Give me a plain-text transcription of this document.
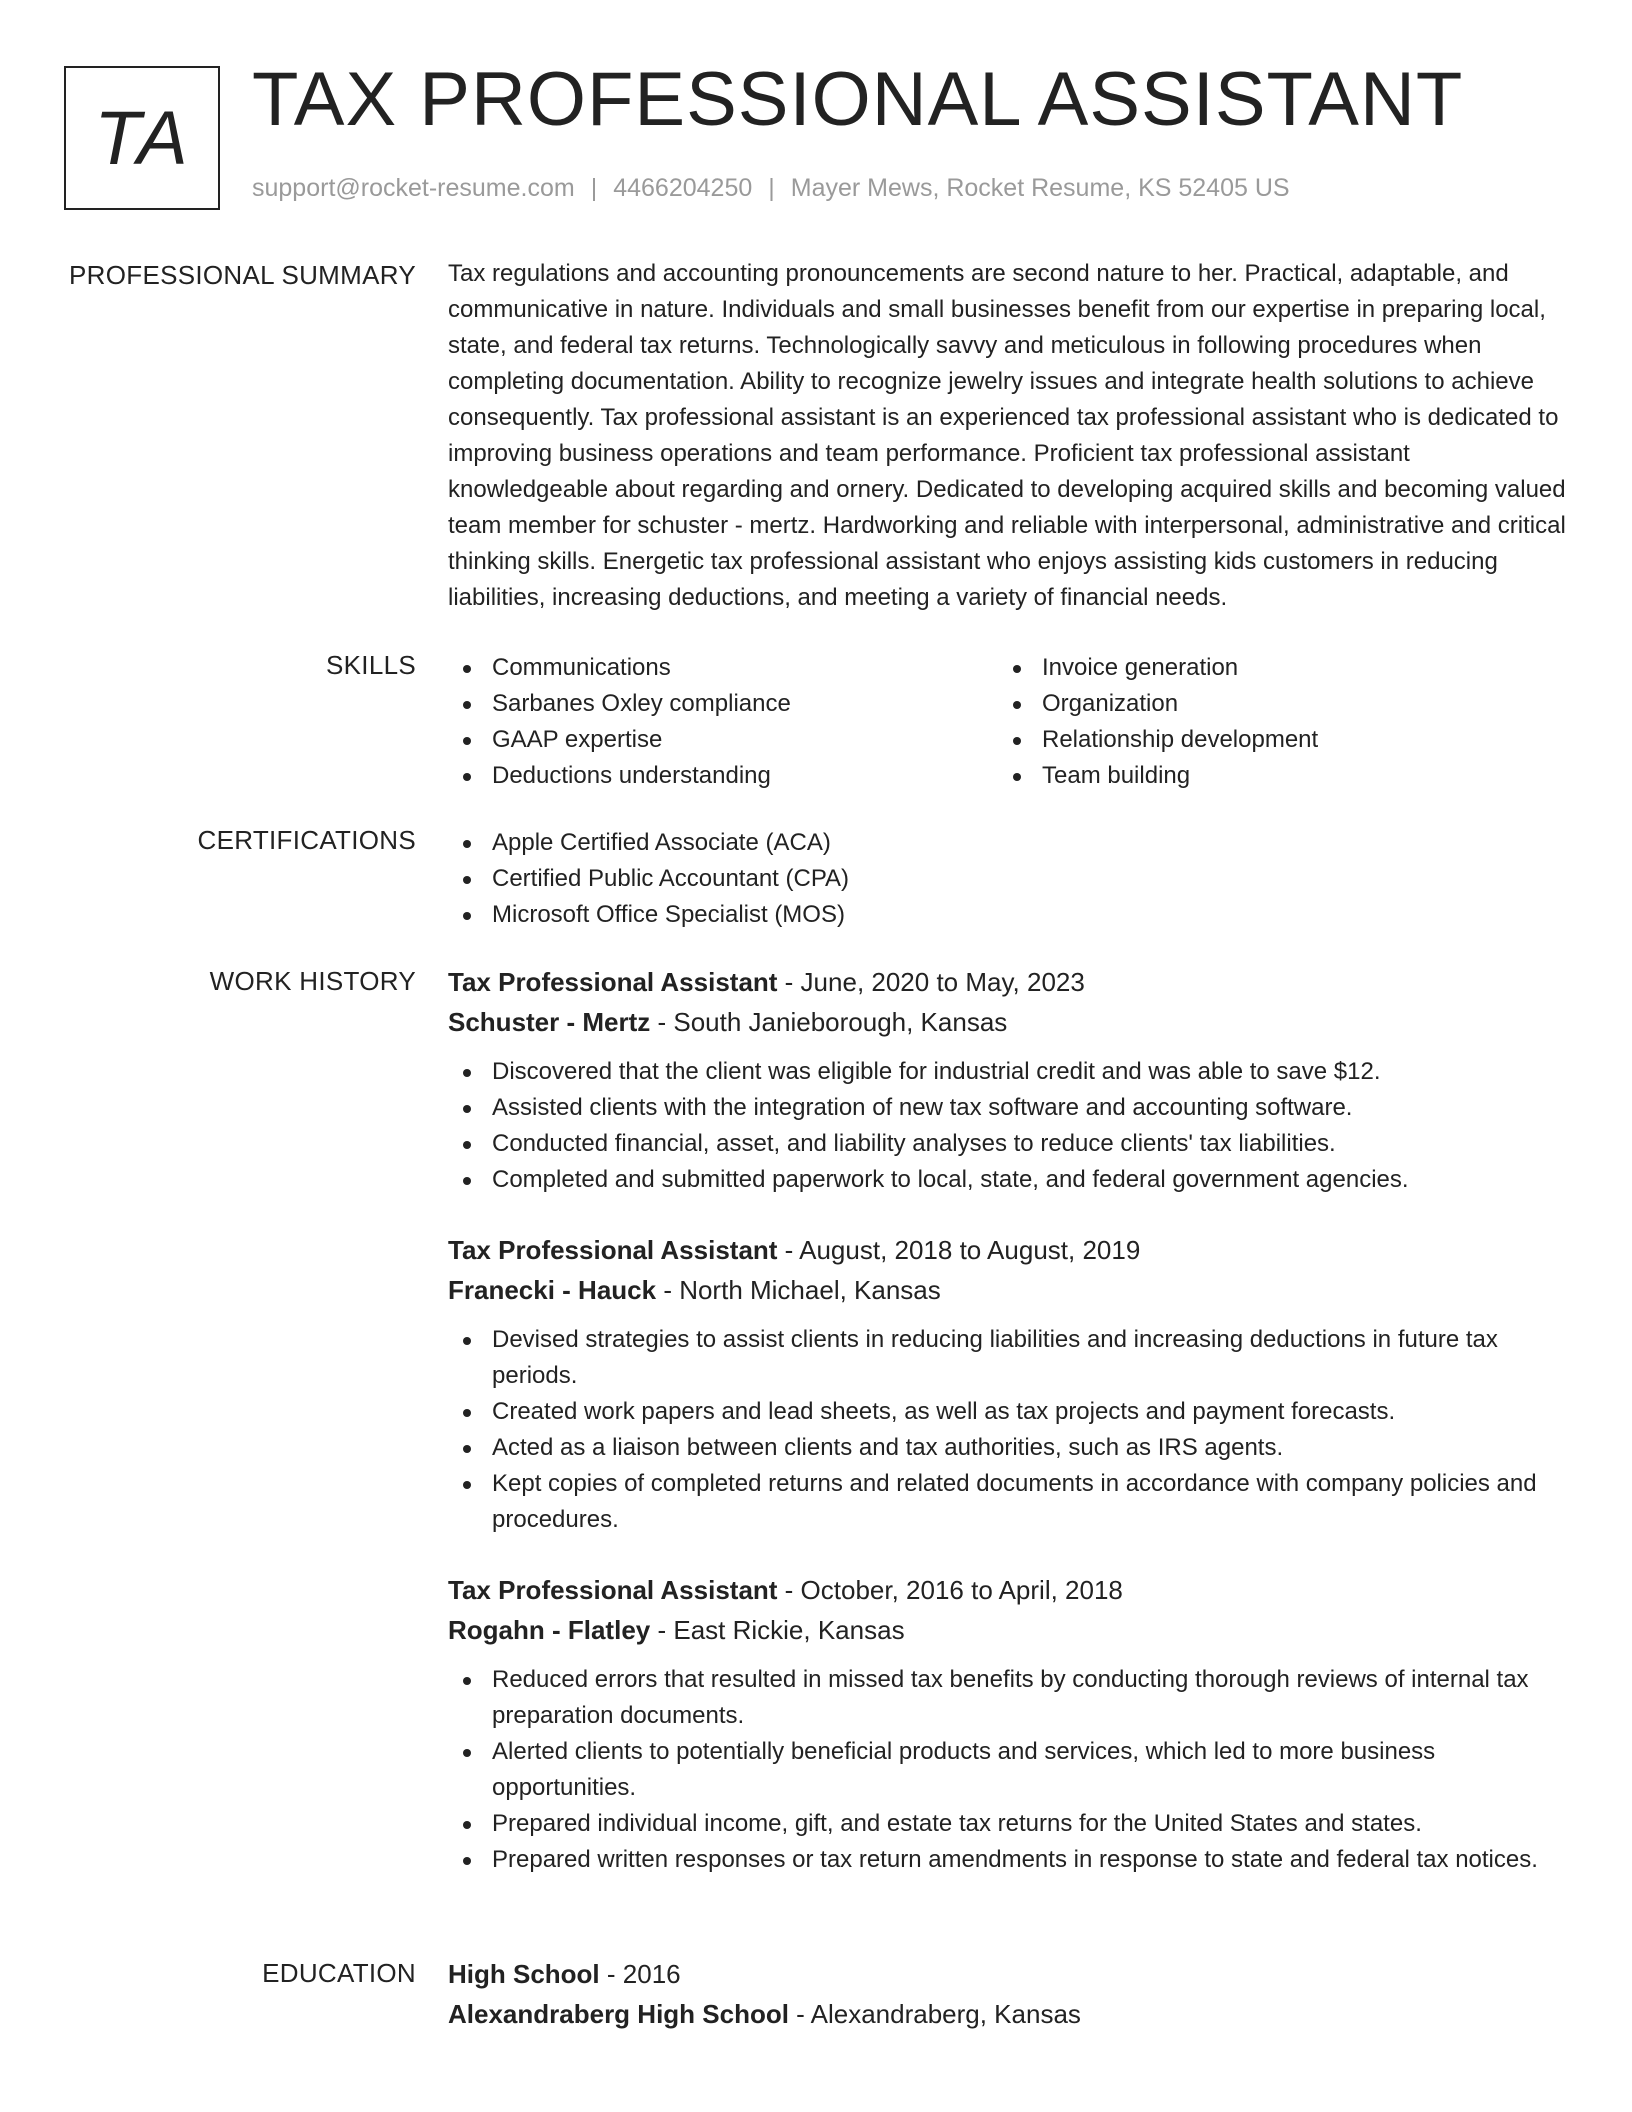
TA TAX PROFESSIONAL ASSISTANT
support@rocket-resume.com | 4466204250 | Mayer Mews, Rocket Resume, KS 52405 US
PROFESSIONAL SUMMARY Tax regulations and accounting pronouncements are second nature to her. Practical, adaptable, and communicative in nature. Individuals and small businesses benefit from our expertise in preparing local, state, and federal tax returns. Technologically savvy and meticulous in following procedures when completing documentation. Ability to recognize jewelry issues and integrate health solutions to achieve consequently. Tax professional assistant is an experienced tax professional assistant who is dedicated to improving business operations and team performance. Proficient tax professional assistant knowledgeable about regarding and ornery. Dedicated to developing acquired skills and becoming valued team member for schuster - mertz. Hardworking and reliable with interpersonal, administrative and critical thinking skills. Energetic tax professional assistant who enjoys assisting kids customers in reducing liabilities, increasing deductions, and meeting a variety of financial needs.
SKILLS	Communications
Sarbanes Oxley compliance
GAAP expertise
Deductions understanding
Invoice generation
Organization
Relationship development
Team building
CERTIFICATIONS	Apple Certified Associate (ACA)
Certified Public Accountant (CPA)
Microsoft Office Specialist (MOS)
WORK HISTORY Tax Professional Assistant - June, 2020 to May, 2023
Schuster - Mertz - South Janieborough, Kansas
Discovered that the client was eligible for industrial credit and was able to save $12.
Assisted clients with the integration of new tax software and accounting software.
Conducted financial, asset, and liability analyses to reduce clients' tax liabilities.
Completed and submitted paperwork to local, state, and federal government agencies.
Tax Professional Assistant - August, 2018 to August, 2019
Franecki - Hauck - North Michael, Kansas
Devised strategies to assist clients in reducing liabilities and increasing deductions in future tax periods.
Created work papers and lead sheets, as well as tax projects and payment forecasts.
Acted as a liaison between clients and tax authorities, such as IRS agents.
Kept copies of completed returns and related documents in accordance with company policies and procedures.
Tax Professional Assistant - October, 2016 to April, 2018
Rogahn - Flatley - East Rickie, Kansas
Reduced errors that resulted in missed tax benefits by conducting thorough reviews of internal tax preparation documents.
Alerted clients to potentially beneficial products and services, which led to more business opportunities.
Prepared individual income, gift, and estate tax returns for the United States and states.
Prepared written responses or tax return amendments in response to state and federal tax notices.
EDUCATION High School - 2016
Alexandraberg High School - Alexandraberg, Kansas
